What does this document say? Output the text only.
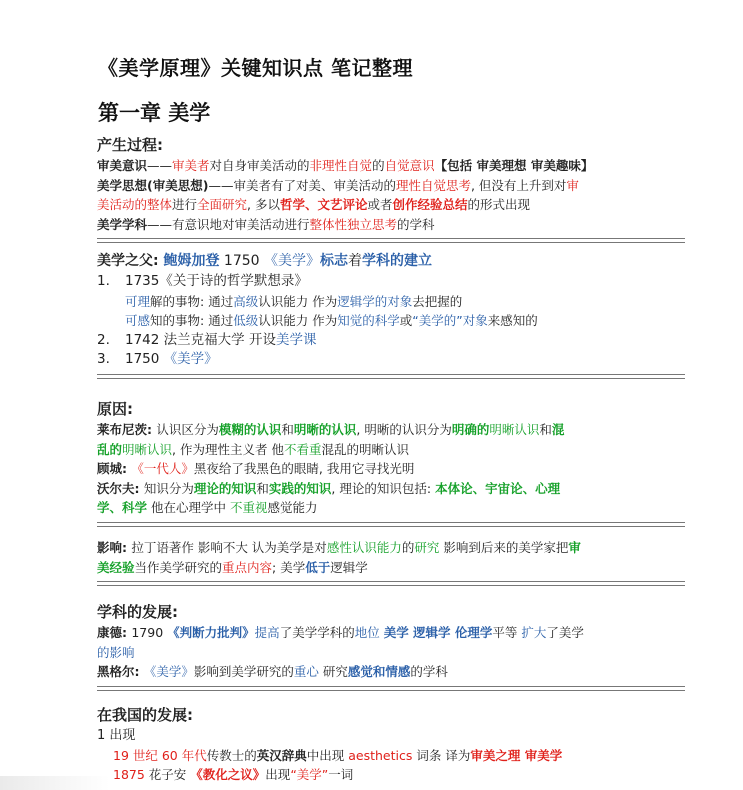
《美学原理》关键知识点 笔记整理
第一章 美学
产生过程:
审美意识——审美者对自身审美活动的非理性自觉的自觉意识【包括 审美理想 审美趣味】
美学思想(审美思想)——审美者有了对美、审美活动的理性自觉思考, 但没有上升到对审
美活动的整体进行全面研究, 多以哲学、文艺评论或者创作经验总结的形式出现
美学学科——有意识地对审美活动进行整体性独立思考的学科
美学之父: 鲍姆加登 1750 《美学》标志着学科的建立
1. 1735《关于诗的哲学默想录》
可理解的事物: 通过高级认识能力 作为逻辑学的对象去把握的
可感知的事物: 通过低级认识能力 作为知觉的科学或“美学的”对象来感知的
2. 1742 法兰克福大学 开设美学课
3. 1750 《美学》
原因:
莱布尼茨: 认识区分为模糊的认识和明晰的认识, 明晰的认识分为明确的明晰认识和混
乱的明晰认识, 作为理性主义者 他不看重混乱的明晰认识
顾城: 《一代人》黑夜给了我黑色的眼睛, 我用它寻找光明
沃尔夫: 知识分为理论的知识和实践的知识, 理论的知识包括: 本体论、宇宙论、心理
学、科学 他在心理学中 不重视感觉能力
影响: 拉丁语著作 影响不大 认为美学是对感性认识能力的研究 影响到后来的美学家把审
美经验当作美学研究的重点内容; 美学低于逻辑学
学科的发展:
康德: 1790 《判断力批判》提高了美学学科的地位 美学 逻辑学 伦理学平等 扩大了美学
的影响
黑格尔: 《美学》影响到美学研究的重心 研究感觉和情感的学科
在我国的发展:
1 出现
19 世纪 60 年代传教士的英汉辞典中出现 aesthetics 词条 译为审美之理 审美学
1875 花子安 《教化之议》出现“美学”一词
